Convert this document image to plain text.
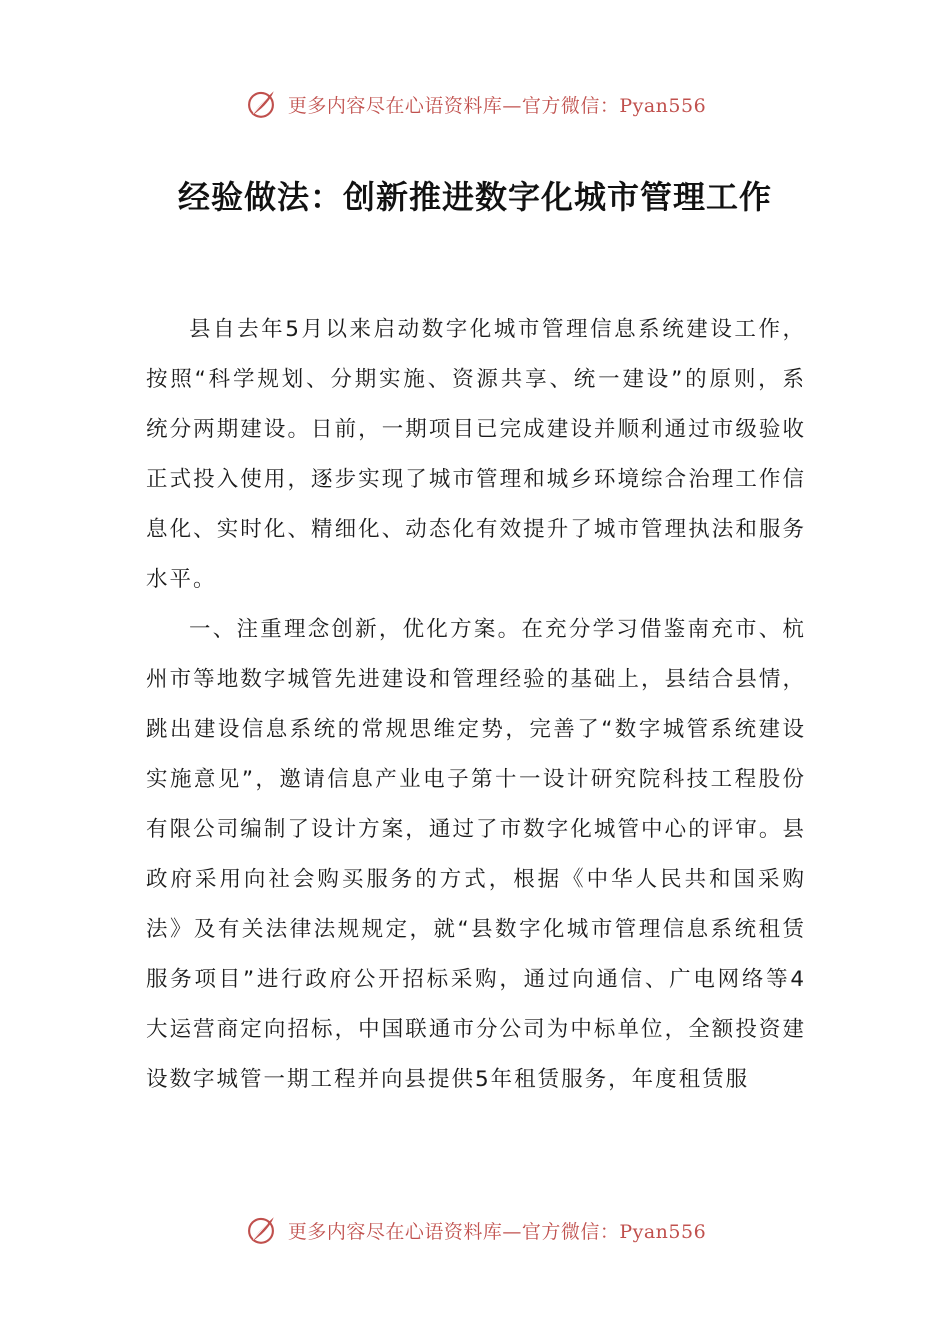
更多内容尽在心语资料库—官方微信：Pyan556
经验做法：创新推进数字化城市管理工作

县自去年5月以来启动数字化城市管理信息系统建设工作，按照“科学规划、分期实施、资源共享、统一建设”的原则，系统分两期建设。日前，一期项目已完成建设并顺利通过市级验收正式投入使用，逐步实现了城市管理和城乡环境综合治理工作信息化、实时化、精细化、动态化有效提升了城市管理执法和服务水平。

一、注重理念创新，优化方案。在充分学习借鉴南充市、杭州市等地数字城管先进建设和管理经验的基础上，县结合县情，跳出建设信息系统的常规思维定势，完善了“数字城管系统建设实施意见”，邀请信息产业电子第十一设计研究院科技工程股份有限公司编制了设计方案，通过了市数字化城管中心的评审。县政府采用向社会购买服务的方式，根据《中华人民共和国采购法》及有关法律法规规定，就“县数字化城市管理信息系统租赁服务项目”进行政府公开招标采购，通过向通信、广电网络等4大运营商定向招标，中国联通市分公司为中标单位，全额投资建设数字城管一期工程并向县提供5年租赁服务，年度租赁服

更多内容尽在心语资料库—官方微信：Pyan556
